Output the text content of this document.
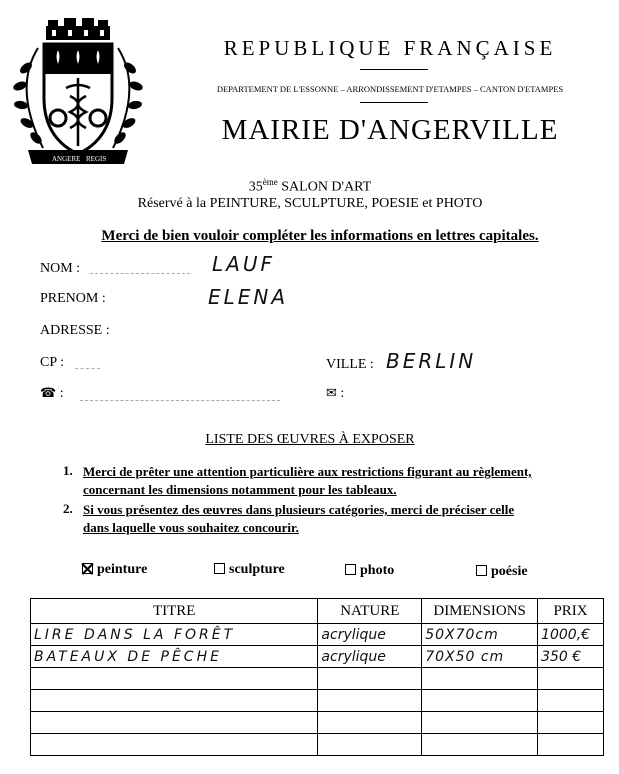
ANGERE REGIS
REPUBLIQUE FRANÇAISE
DEPARTEMENT DE L'ESSONNE – ARRONDISSEMENT D'ETAMPES – CANTON D'ETAMPES
MAIRIE D'ANGERVILLE
35ème SALON D'ART
Réservé à la PEINTURE, SCULPTURE, POESIE et PHOTO
Merci de bien vouloir compléter les informations en lettres capitales.
NOM :	LAUF
PRENOM :	ELENA
ADRESSE :
CP :	VILLE : BERLIN
☎ :	✉ :
LISTE DES ŒUVRES À EXPOSER
1. Merci de prêter une attention particulière aux restrictions figurant au règlement,
concernant les dimensions notamment pour les tableaux.
2. Si vous présentez des œuvres dans plusieurs catégories, merci de préciser celle
dans laquelle vous souhaitez concourir.
peinture	sculpture	photo	poésie
TITRE	NATURE	DIMENSIONS	PRIX
LIRE DANS LA FORÊT	acrylique	50X70cm	1000,€
BATEAUX DE PÊCHE	acrylique	70X50 cm	350 €
